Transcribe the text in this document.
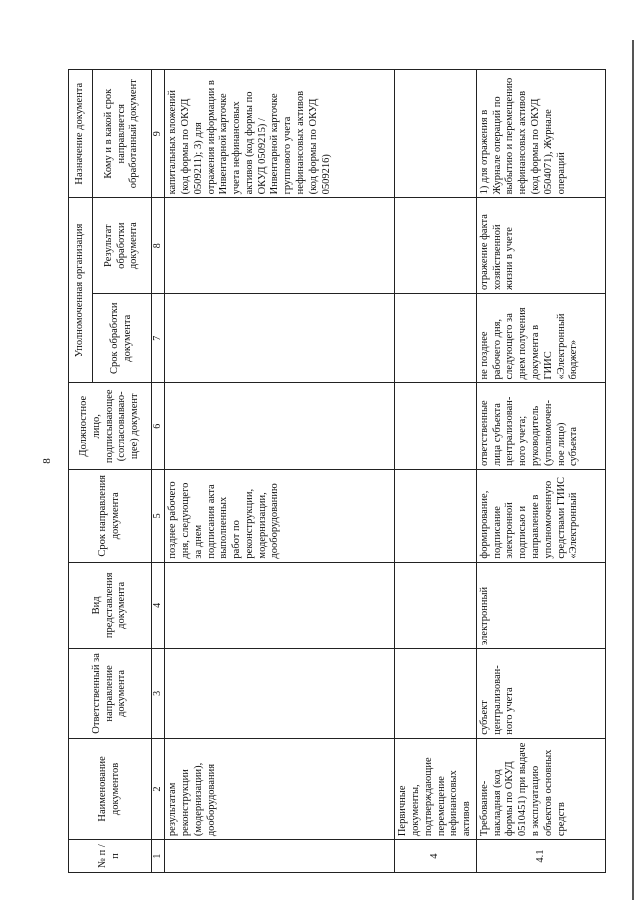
8
№ п / п	Наименование документов	Ответственный за направление документа	Вид представления документа	Срок направления документа	Должностное лицо, подписывающее (согласовываю-щее) документ	Уполномоченная организация		Назначение документа
						Срок обработки документа	Результат обработки документа	Кому и в какой срок направляется обработанный документ
1	2	3	4	5	6	7	8	9
	результатам реконструкции (модернизации), дооборудования			позднее рабочего дня, следующего за днем подписания акта выполненных работ по реконструкции, модернизации, дооборудованию				капитальных вложений (код формы по ОКУД 0509211); 3) для отражения информации в Инвентарной карточке учета нефинансовых активов (код формы по ОКУД 0509215) / Инвентарной карточке группового учета нефинансовых активов (код формы по ОКУД 0509216)
4	Первичные документы, подтверждающие перемещение нефинансовых активов							
4.1	Требование-накладная (код формы по ОКУД 0510451) при выдаче в эксплуатацию объектов основных средств	субъект централизован-ного учета	электронный	формирование, подписание электронной подписью и направление в уполномоченную средствами ГИИС «Электронный	ответственные лица субъекта централизован-ного учета; руководитель (уполномочен-ное лицо) субъекта	не позднее рабочего дня, следующего за днем получения документа в ГИИС «Электронный бюджет»	отражение факта хозяйственной жизни в учете	1) для отражения в Журнале операций по выбытию и перемещению нефинансовых активов (код формы по ОКУД 0504071), Журнале операций
